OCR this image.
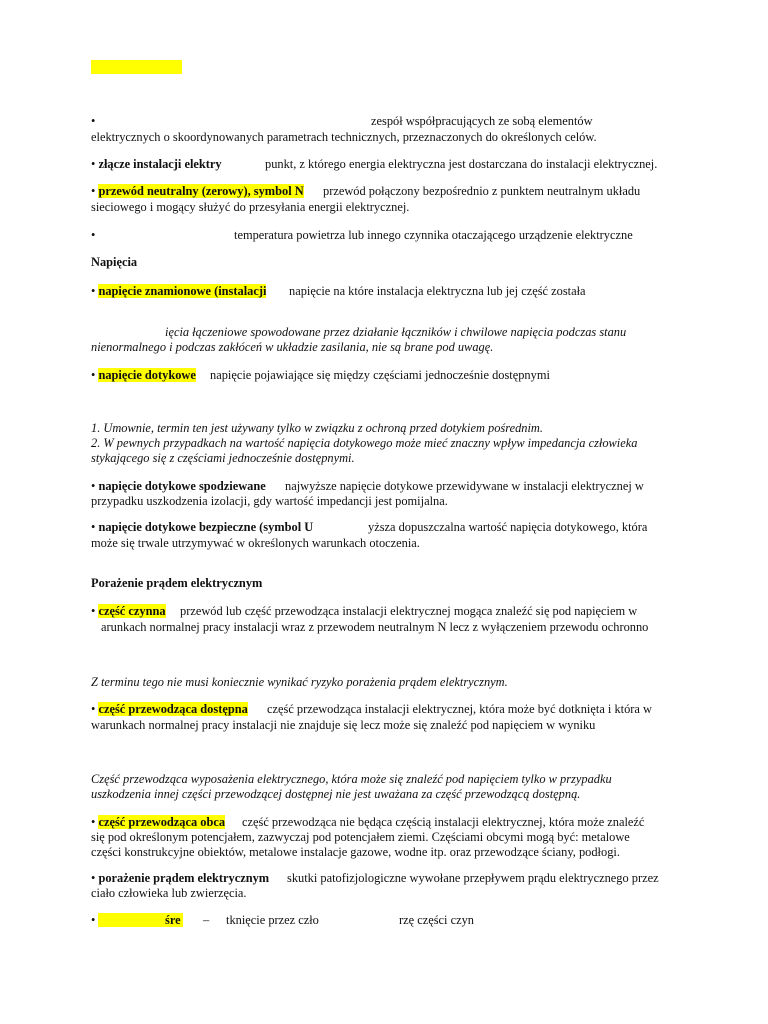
•	zespół współpracujących ze sobą elementów
elektrycznych o skoordynowanych parametrach technicznych, przeznaczonych do określonych celów.
• złącze instalacji elektry	punkt, z którego energia elektryczna jest dostarczana do instalacji elektrycznej.
• przewód neutralny (zerowy), symbol N przewód połączony bezpośrednio z punktem neutralnym układu
sieciowego i mogący służyć do przesyłania energii elektrycznej.
•	temperatura powietrza lub innego czynnika otaczającego urządzenie elektryczne
Napięcia
• napięcie znamionowe (instalacji napięcie na które instalacja elektryczna lub jej część została
ięcia łączeniowe spowodowane przez działanie łączników i chwilowe napięcia podczas stanu
nienormalnego i podczas zakłóceń w układzie zasilania, nie są brane pod uwagę.
• napięcie dotykowe napięcie pojawiające się między częściami jednocześnie dostępnymi
1. Umownie, termin ten jest używany tylko w związku z ochroną przed dotykiem pośrednim.
2. W pewnych przypadkach na wartość napięcia dotykowego może mieć znaczny wpływ impedancja człowieka
stykającego się z częściami jednocześnie dostępnymi.
• napięcie dotykowe spodziewane najwyższe napięcie dotykowe przewidywane w instalacji elektrycznej w
przypadku uszkodzenia izolacji, gdy wartość impedancji jest pomijalna.
• napięcie dotykowe bezpieczne (symbol U	yższa dopuszczalna wartość napięcia dotykowego, która
może się trwale utrzymywać w określonych warunkach otoczenia.
Porażenie prądem elektrycznym
• część czynna przewód lub część przewodząca instalacji elektrycznej mogąca znaleźć się pod napięciem w
arunkach normalnej pracy instalacji wraz z przewodem neutralnym N lecz z wyłączeniem przewodu ochronno
Z terminu tego nie musi koniecznie wynikać ryzyko porażenia prądem elektrycznym.
• część przewodząca dostępna część przewodząca instalacji elektrycznej, która może być dotknięta i która w
warunkach normalnej pracy instalacji nie znajduje się lecz może się znaleźć pod napięciem w wyniku
Część przewodząca wyposażenia elektrycznego, która może się znaleźć pod napięciem tylko w przypadku
uszkodzenia innej części przewodzącej dostępnej nie jest uważana za część przewodzącą dostępną.
• część przewodząca obca część przewodząca nie będąca częścią instalacji elektrycznej, która może znaleźć
się pod określonym potencjałem, zazwyczaj pod potencjałem ziemi. Częściami obcymi mogą być: metalowe
części konstrukcyjne obiektów, metalowe instalacje gazowe, wodne itp. oraz przewodzące ściany, podłogi.
• porażenie prądem elektrycznym skutki patofizjologiczne wywołane przepływem prądu elektrycznego przez
ciało człowieka lub zwierzęcia.
•	śre – tknięcie przez czło	rzę części czyn
